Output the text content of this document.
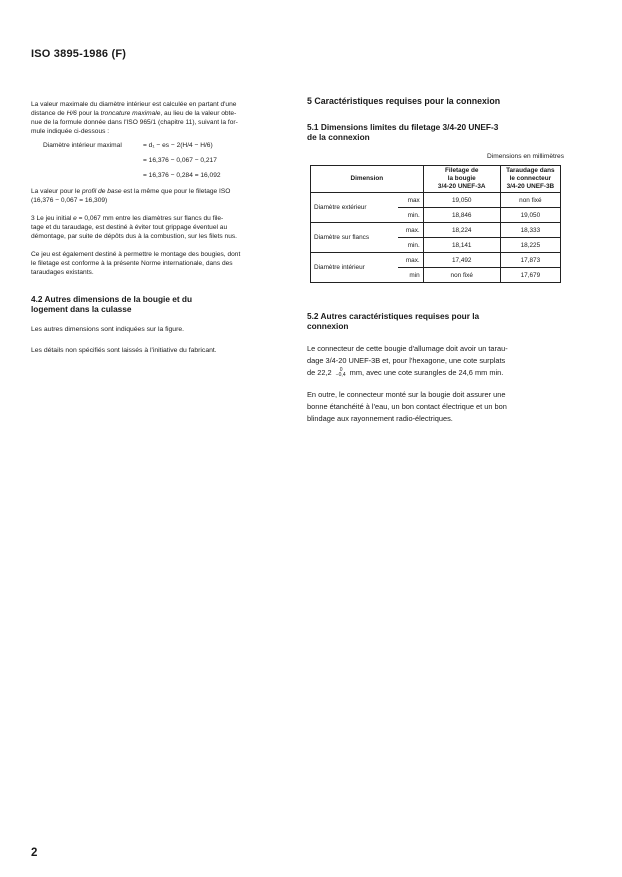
ISO 3895-1986 (F)

La valeur maximale du diamètre intérieur est calculée en partant d'une
distance de H/6 pour la troncature maximale, au lieu de la valeur obte-
nue de la formule donnée dans l'ISO 965/1 (chapitre 11), suivant la for-
mule indiquée ci-dessous :

Diamètre intérieur maximal	= d₁ − es − 2(H/4 − H/6)
= 16,376 − 0,067 − 0,217
= 16,376 − 0,284 = 16,092

La valeur pour le profil de base est la même que pour le filetage ISO
(16,376 − 0,067 = 16,309)

3 Le jeu initial e = 0,067 mm entre les diamètres sur flancs du file-
tage et du taraudage, est destiné à éviter tout grippage éventuel au
démontage, par suite de dépôts dus à la combustion, sur les filets nus.

Ce jeu est également destiné à permettre le montage des bougies, dont
le filetage est conforme à la présente Norme internationale, dans des
taraudages existants.

4.2 Autres dimensions de la bougie et du
logement dans la culasse

Les autres dimensions sont indiquées sur la figure.

Les détails non spécifiés sont laissés à l'initiative du fabricant.

5 Caractéristiques requises pour la connexion

5.1 Dimensions limites du filetage 3/4-20 UNEF-3
de la connexion

Dimensions en millimètres

Dimension		Filetage de
la bougie
3/4-20 UNEF-3A	Taraudage dans
le connecteur
3/4-20 UNEF-3B
Diamètre extérieur	max	19,050	non fixé
	min.	18,846	19,050
Diamètre sur flancs	max.	18,224	18,333
	min.	18,141	18,225
Diamètre intérieur	max.	17,492	17,873
	min	non fixé	17,679

5.2 Autres caractéristiques requises pour la
connexion

Le connecteur de cette bougie d'allumage doit avoir un tarau-
dage 3/4-20 UNEF-3B et, pour l'hexagone, une cote surplats
de 22,2	0
−0,4 mm, avec une cote surangles de 24,6 mm min.

En outre, le connecteur monté sur la bougie doit assurer une
bonne étanchéité à l'eau, un bon contact électrique et un bon
blindage aux rayonnement radio-électriques.

2
